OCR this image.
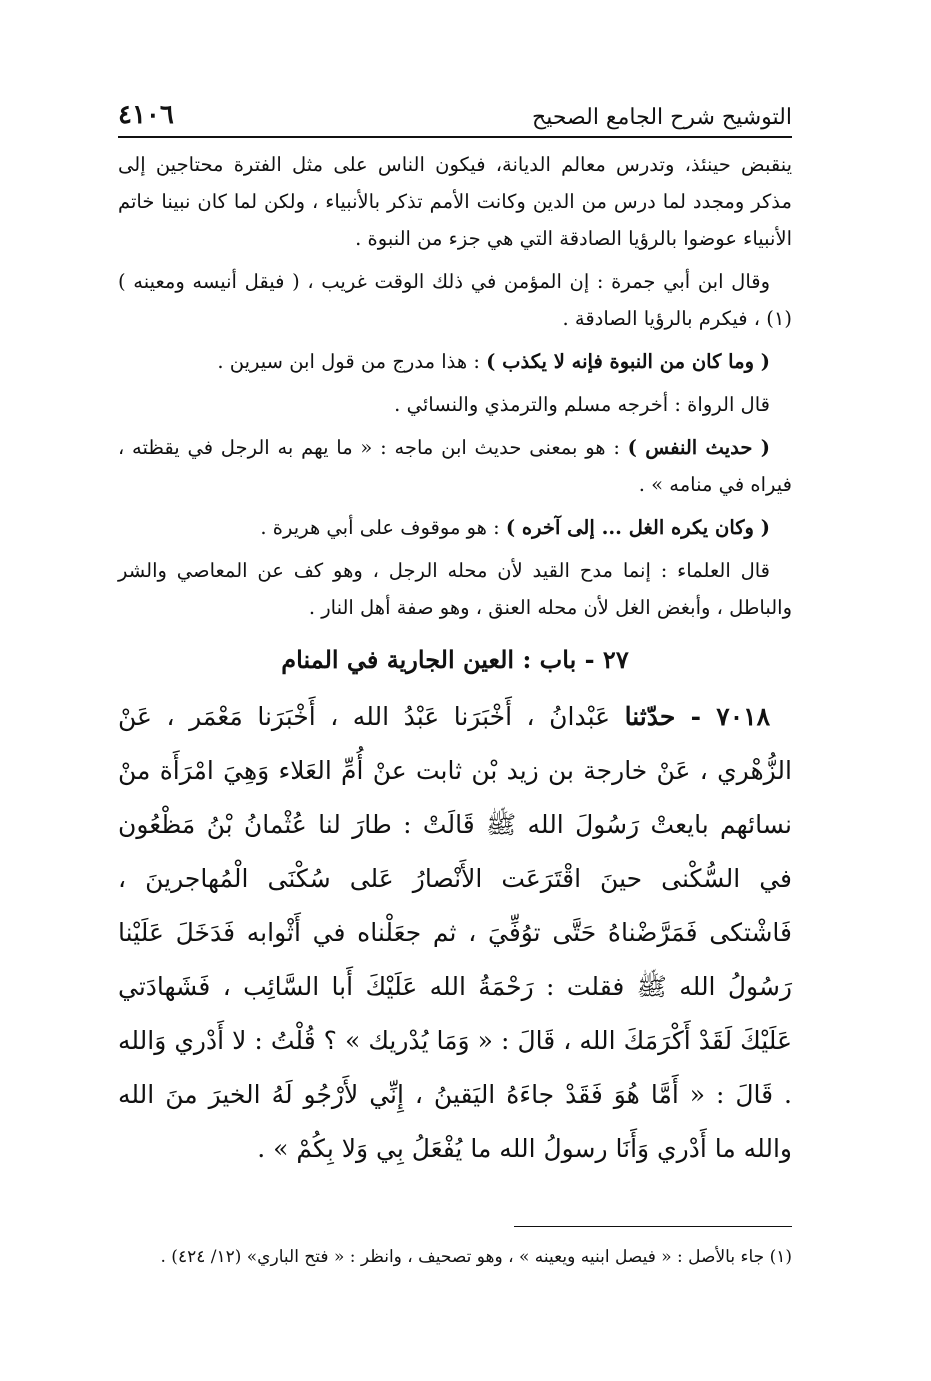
التوشيح شرح الجامع الصحيح
٤١٠٦

ينقبض حينئذ، وتدرس معالم الديانة، فيكون الناس على مثل الفترة محتاجين إلى مذكر ومجدد لما درس من الدين وكانت الأمم تذكر بالأنبياء ، ولكن لما كان نبينا خاتم الأنبياء عوضوا بالرؤيا الصادقة التي هي جزء من النبوة .

وقال ابن أبي جمرة : إن المؤمن في ذلك الوقت غريب ، ( فيقل أنيسه ومعينه ) (١) ، فيكرم بالرؤيا الصادقة .

( وما كان من النبوة فإنه لا يكذب ) : هذا مدرج من قول ابن سيرين .

قال الرواة : أخرجه مسلم والترمذي والنسائي .

( حديث النفس ) : هو بمعنى حديث ابن ماجه : « ما يهم به الرجل في يقظته ، فيراه في منامه » .

( وكان يكره الغل ... إلى آخره ) : هو موقوف على أبي هريرة .

قال العلماء : إنما مدح القيد لأن محله الرجل ، وهو كف عن المعاصي والشر والباطل ، وأبغض الغل لأن محله العنق ، وهو صفة أهل النار .

٢٧ - باب : العين الجارية في المنام

٧٠١٨ - حدّثنا عَبْدانُ ، أَخْبَرَنا عَبْدُ الله ، أَخْبَرَنا مَعْمَر ، عَنْ الزُّهْري ، عَنْ خارجة بن زيد بْن ثابت عنْ أُمِّ العَلاء وَهِيَ امْرَأَة منْ نسائهم بايعتْ رَسُولَ الله ﷺ قَالَتْ : طارَ لنا عُثْمانُ بْنُ مَظْعُون في السُّكْنى حينَ اقْتَرَعَت الأَنْصارُ عَلى سُكْنَى الْمُهاجرينَ ، فَاشْتكى فَمَرَّضْناهُ حَتَّى توُفِّيَ ، ثم جعَلْناه في أَثْوابه فَدَخَلَ عَلَيْنا رَسُولُ الله ﷺ فقلت : رَحْمَةُ الله عَلَيْكَ أَبا السَّائِب ، فَشَهادَتي عَلَيْكَ لَقَدْ أَكْرَمَكَ الله ، قَالَ : « وَمَا يُدْريك » ؟ قُلْتُ : لا أَدْري وَالله . قَالَ : « أَمَّا هُوَ فَقَدْ جاءَهُ اليَقينُ ، إِنِّي لأَرْجُو لَهُ الخيرَ منَ الله والله ما أَدْري وَأَنَا رسولُ الله ما يُفْعَلُ بِي وَلا بِكُمْ » .

(١) جاء بالأصل : « فيصل ابنيه ويعينه » ، وهو تصحيف ، وانظر : « فتح الباري» (١٢/ ٤٢٤) .
